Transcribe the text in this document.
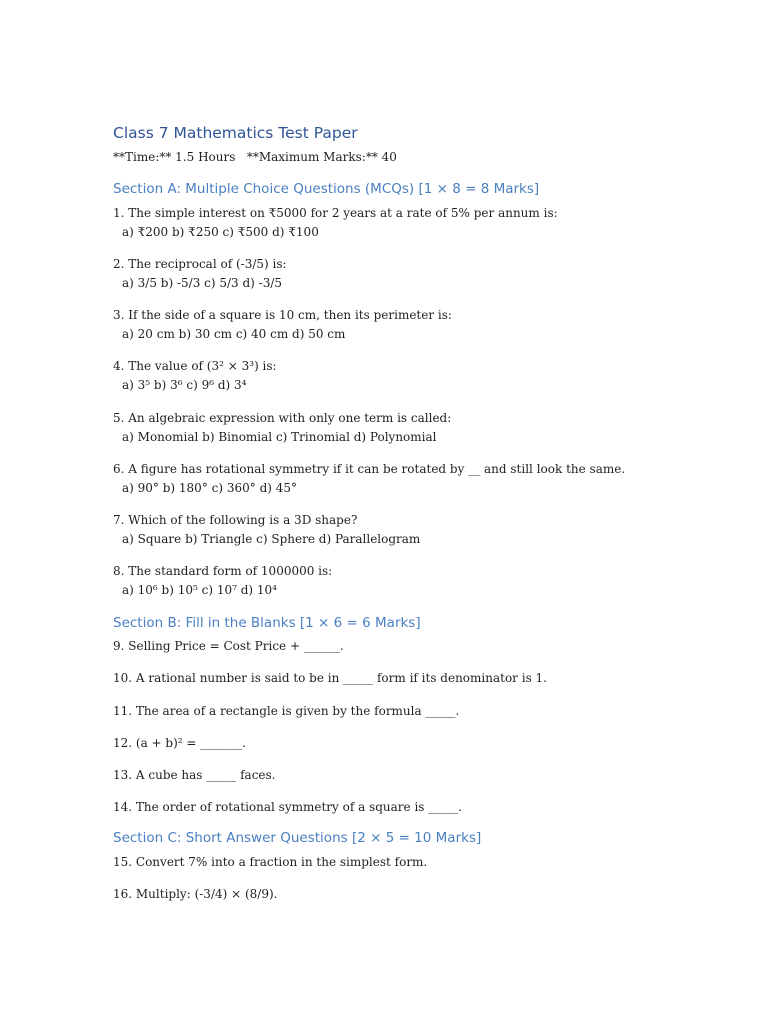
Class 7 Mathematics Test Paper
**Time:** 1.5 Hours   **Maximum Marks:** 40
Section A: Multiple Choice Questions (MCQs) [1 × 8 = 8 Marks]
1. The simple interest on ₹5000 for 2 years at a rate of 5% per annum is:
a) ₹200 b) ₹250 c) ₹500 d) ₹100
2. The reciprocal of (-3/5) is:
a) 3/5 b) -5/3 c) 5/3 d) -3/5
3. If the side of a square is 10 cm, then its perimeter is:
a) 20 cm b) 30 cm c) 40 cm d) 50 cm
4. The value of (3² × 3³) is:
a) 3⁵ b) 3⁶ c) 9⁶ d) 3⁴
5. An algebraic expression with only one term is called:
a) Monomial b) Binomial c) Trinomial d) Polynomial
6. A figure has rotational symmetry if it can be rotated by __ and still look the same.
a) 90° b) 180° c) 360° d) 45°
7. Which of the following is a 3D shape?
a) Square b) Triangle c) Sphere d) Parallelogram
8. The standard form of 1000000 is:
a) 10⁶ b) 10⁵ c) 10⁷ d) 10⁴
Section B: Fill in the Blanks [1 × 6 = 6 Marks]
9. Selling Price = Cost Price + ______.
10. A rational number is said to be in _____ form if its denominator is 1.
11. The area of a rectangle is given by the formula _____.
12. (a + b)² = _______.
13. A cube has _____ faces.
14. The order of rotational symmetry of a square is _____.
Section C: Short Answer Questions [2 × 5 = 10 Marks]
15. Convert 7% into a fraction in the simplest form.
16. Multiply: (-3/4) × (8/9).
